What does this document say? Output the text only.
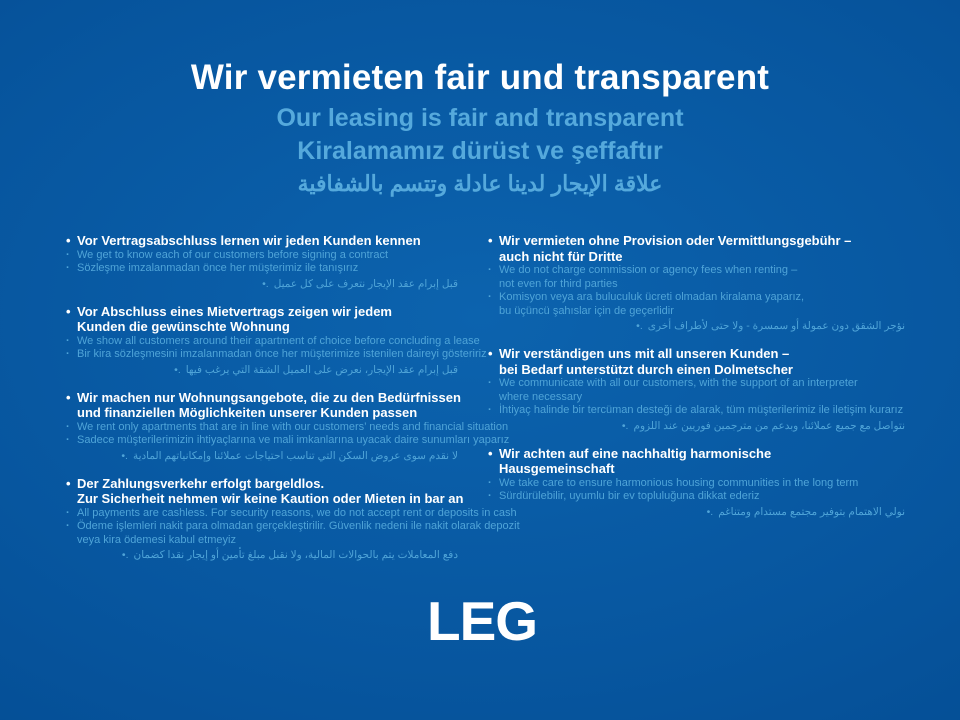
Wir vermieten fair und transparent
Our leasing is fair and transparent
Kiralamamız dürüst ve şeffaftır
علاقة الإيجار لدينا عادلة وتتسم بالشفافية
• Vor Vertragsabschluss lernen wir jeden Kunden kennen
· We get to know each of our customers before signing a contract
· Sözleşme imzalanmadan önce her müşterimiz ile tanışırız
•. قبل إبرام عقد الإيجار نتعرف على كل عميل
• Vor Abschluss eines Mietvertrags zeigen wir jedem
Kunden die gewünschte Wohnung
· We show all customers around their apartment of choice before concluding a lease
· Bir kira sözleşmesini imzalanmadan önce her müşterimize istenilen daireyi gösteririz
•. قبل إبرام عقد الإيجار، نعرض على العميل الشقة التي يرغب فيها
• Wir machen nur Wohnungsangebote, die zu den Bedürfnissen
und finanziellen Möglichkeiten unserer Kunden passen
· We rent only apartments that are in line with our customers’ needs and financial situation
· Sadece müşterilerimizin ihtiyaçlarına ve mali imkanlarına uyacak daire sunumları yaparız
•. لا نقدم سوى عروض السكن التي تناسب احتياجات عملائنا وإمكانياتهم المادية
• Der Zahlungsverkehr erfolgt bargeldlos.
Zur Sicherheit nehmen wir keine Kaution oder Mieten in bar an
· All payments are cashless. For security reasons, we do not accept rent or deposits in cash
· Ödeme işlemleri nakit para olmadan gerçekleştirilir. Güvenlik nedeni ile nakit olarak depozit
veya kira ödemesi kabul etmeyiz
•. دفع المعاملات يتم بالحوالات المالية، ولا نقبل مبلغ تأمين أو إيجار نقدا كضمان
• Wir vermieten ohne Provision oder Vermittlungsgebühr –
auch nicht für Dritte
· We do not charge commission or agency fees when renting –
not even for third parties
· Komisyon veya ara buluculuk ücreti olmadan kiralama yaparız,
bu üçüncü şahıslar için de geçerlidir
•. نؤجر الشقق دون عمولة أو سمسرة - ولا حتى لأطراف أخرى
• Wir verständigen uns mit all unseren Kunden –
bei Bedarf unterstützt durch einen Dolmetscher
· We communicate with all our customers, with the support of an interpreter
where necessary
· İhtiyaç halinde bir tercüman desteği de alarak, tüm müşterilerimiz ile iletişim kurarız
•. نتواصل مع جميع عملائنا، وبدعم من مترجمين فوريين عند اللزوم
• Wir achten auf eine nachhaltig harmonische
Hausgemeinschaft
· We take care to ensure harmonious housing communities in the long term
· Sürdürülebilir, uyumlu bir ev topluluğuna dikkat ederiz
•. نولي الاهتمام بتوفير مجتمع مستدام ومتناغم
LEG
